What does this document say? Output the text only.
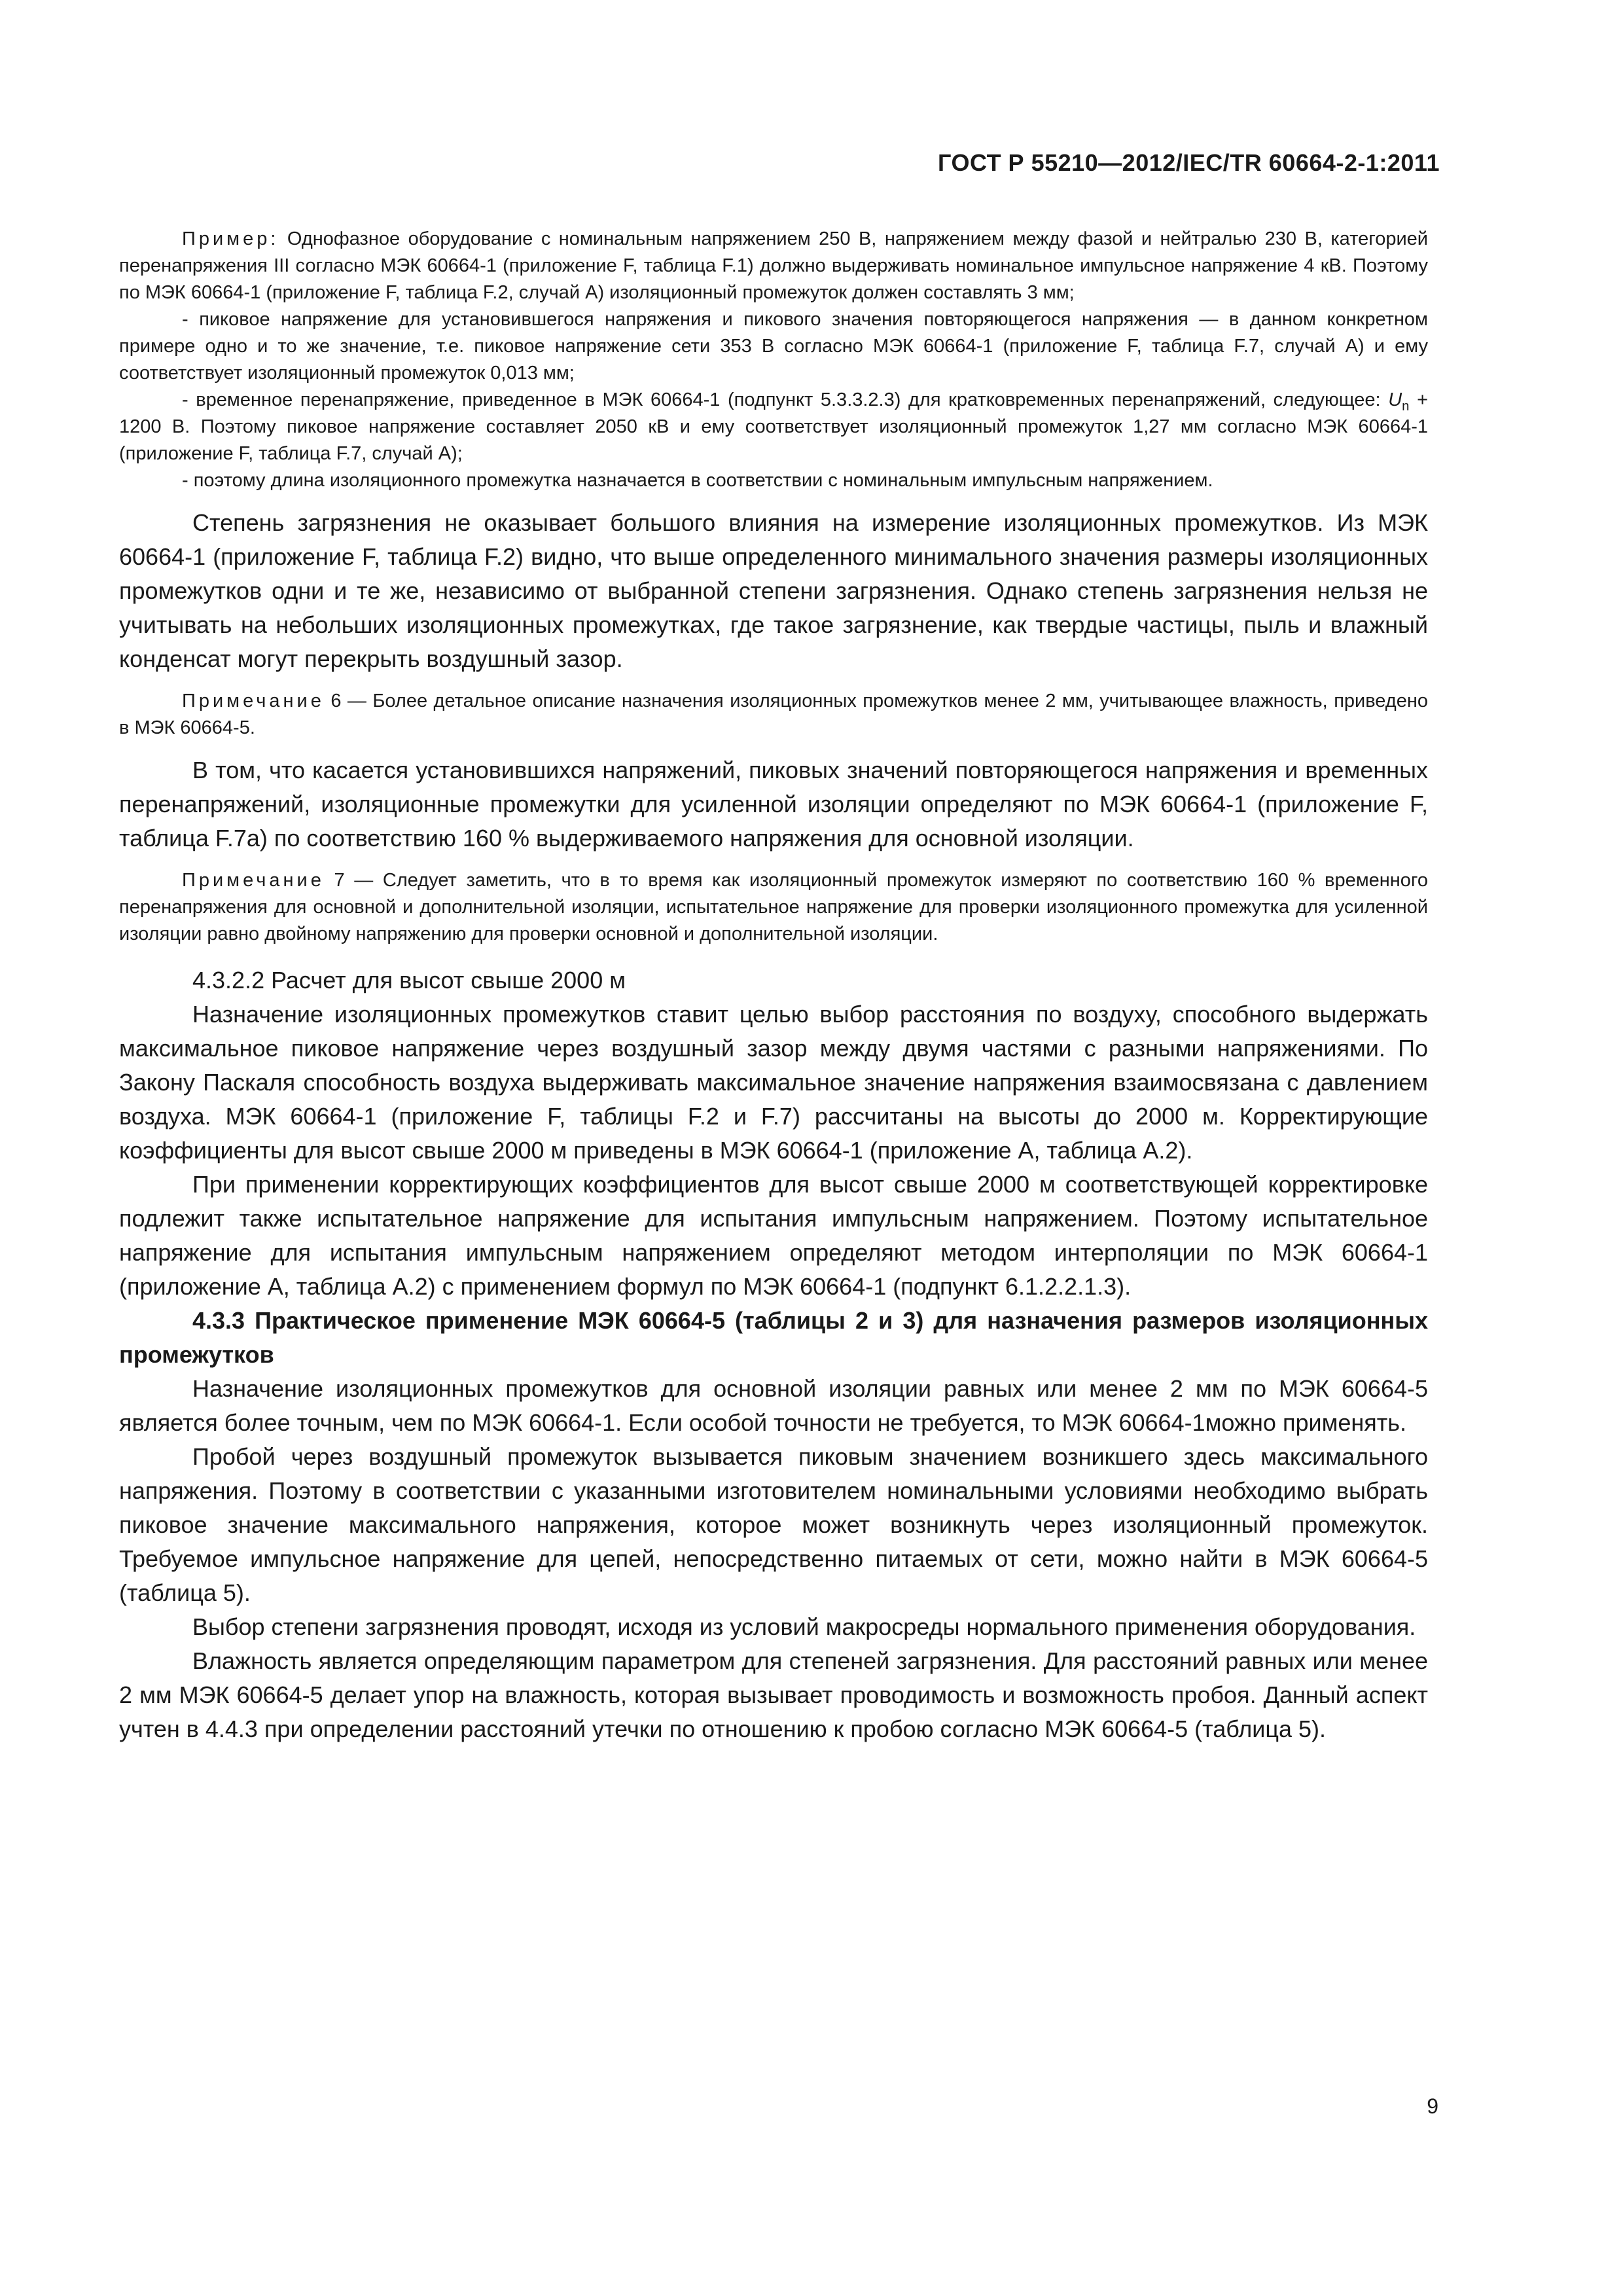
ГОСТ Р 55210—2012/IEC/TR 60664-2-1:2011

Пример: Однофазное оборудование с номинальным напряжением 250 В, напряжением между фазой и нейтралью 230 В, категорией перенапряжения III согласно МЭК 60664-1 (приложение F, таблица F.1) должно выдерживать номинальное импульсное напряжение 4 кВ. Поэтому по МЭК 60664-1 (приложение F, таблица F.2, случай А) изоляционный промежуток должен составлять 3 мм;

- пиковое напряжение для установившегося напряжения и пикового значения повторяющегося напряжения — в данном конкретном примере одно и то же значение, т.е. пиковое напряжение сети 353 В согласно МЭК 60664-1 (приложение F, таблица F.7, случай А) и ему соответствует изоляционный промежуток 0,013 мм;

- временное перенапряжение, приведенное в МЭК 60664-1 (подпункт 5.3.3.2.3) для кратковременных перенапряжений, следующее: $U_n + 1200$ В. Поэтому пиковое напряжение составляет 2050 кВ и ему соответствует изоляционный промежуток 1,27 мм согласно МЭК 60664-1 (приложение F, таблица F.7, случай А);

- поэтому длина изоляционного промежутка назначается в соответствии с номинальным импульсным напряжением.

Степень загрязнения не оказывает большого влияния на измерение изоляционных промежутков. Из МЭК 60664-1 (приложение F, таблица F.2) видно, что выше определенного минимального значения размеры изоляционных промежутков одни и те же, независимо от выбранной степени загрязнения. Однако степень загрязнения нельзя не учитывать на небольших изоляционных промежутках, где такое загрязнение, как твердые частицы, пыль и влажный конденсат могут перекрыть воздушный зазор.

Примечание 6 — Более детальное описание назначения изоляционных промежутков менее 2 мм, учитывающее влажность, приведено в МЭК 60664-5.

В том, что касается установившихся напряжений, пиковых значений повторяющегося напряжения и временных перенапряжений, изоляционные промежутки для усиленной изоляции определяют по МЭК 60664-1 (приложение F, таблица F.7a) по соответствию 160 % выдерживаемого напряжения для основной изоляции.

Примечание 7 — Следует заметить, что в то время как изоляционный промежуток измеряют по соответствию 160 % временного перенапряжения для основной и дополнительной изоляции, испытательное напряжение для проверки изоляционного промежутка для усиленной изоляции равно двойному напряжению для проверки основной и дополнительной изоляции.

4.3.2.2 Расчет для высот свыше 2000 м

Назначение изоляционных промежутков ставит целью выбор расстояния по воздуху, способного выдержать максимальное пиковое напряжение через воздушный зазор между двумя частями с разными напряжениями. По Закону Паскаля способность воздуха выдерживать максимальное значение напряжения взаимосвязана с давлением воздуха. МЭК 60664-1 (приложение F, таблицы F.2 и F.7) рассчитаны на высоты до 2000 м. Корректирующие коэффициенты для высот свыше 2000 м приведены в МЭК 60664-1 (приложение А, таблица А.2).

При применении корректирующих коэффициентов для высот свыше 2000 м соответствующей корректировке подлежит также испытательное напряжение для испытания импульсным напряжением. Поэтому испытательное напряжение для испытания импульсным напряжением определяют методом интерполяции по МЭК 60664-1 (приложение А, таблица А.2) с применением формул по МЭК 60664-1 (подпункт 6.1.2.2.1.3).

4.3.3 Практическое применение МЭК 60664-5 (таблицы 2 и 3) для назначения размеров изоляционных промежутков

Назначение изоляционных промежутков для основной изоляции равных или менее 2 мм по МЭК 60664-5 является более точным, чем по МЭК 60664-1. Если особой точности не требуется, то МЭК 60664-1можно применять.

Пробой через воздушный промежуток вызывается пиковым значением возникшего здесь максимального напряжения. Поэтому в соответствии с указанными изготовителем номинальными условиями необходимо выбрать пиковое значение максимального напряжения, которое может возникнуть через изоляционный промежуток. Требуемое импульсное напряжение для цепей, непосредственно питаемых от сети, можно найти в МЭК 60664-5 (таблица 5).

Выбор степени загрязнения проводят, исходя из условий макросреды нормального применения оборудования.

Влажность является определяющим параметром для степеней загрязнения. Для расстояний равных или менее 2 мм МЭК 60664-5 делает упор на влажность, которая вызывает проводимость и возможность пробоя. Данный аспект учтен в 4.4.3 при определении расстояний утечки по отношению к пробою согласно МЭК 60664-5 (таблица 5).

9
